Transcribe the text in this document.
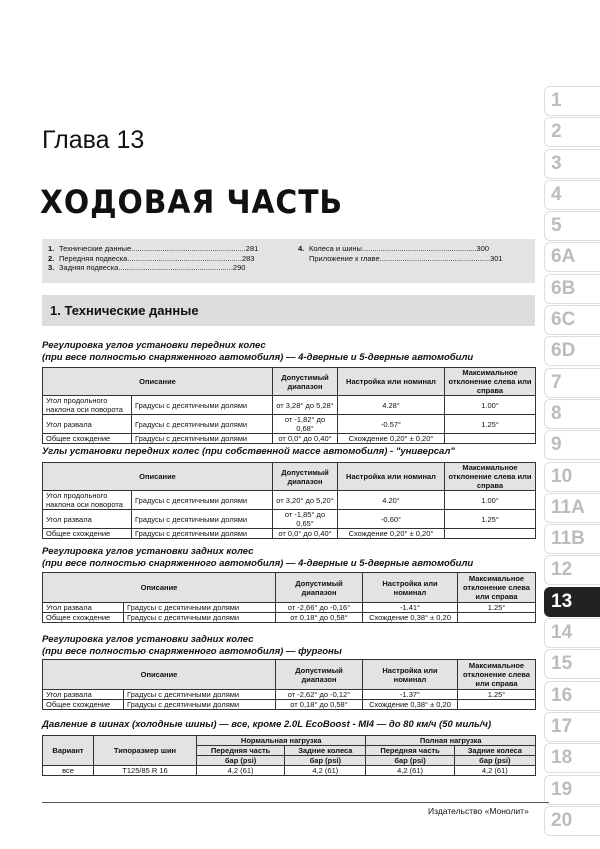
Глава 13
ХОДОВАЯ ЧАСТЬ
1. Технические данные.......................................................281
2. Передняя подвеска.......................................................283
3. Задняя подвеска.......................................................290
4. Колеса и шины.......................................................300
Приложение к главе.....................................................301
1. Технические данные
Регулировка углов установки передних колес
(при весе полностью снаряженного автомобиля) — 4-дверные и 5-дверные автомобили
Описание		Допустимый диапазон	Настройка или номинал	Максимальное отклонение слева или справа
Угол продольного наклона оси поворота	Градусы с десятичными долями	от 3,28° до 5,28°	4.28°	1.00°
Угол развала	Градусы с десятичными долями	от -1,82° до 0,68°	-0.57°	1.25°
Общее схождение	Градусы с десятичными долями	от 0,0° до 0,40°	Схождение 0,20° ± 0,20°	
Углы установки передних колес (при собственной массе автомобиля) - "универсал"
Описание		Допустимый диапазон	Настройка или номинал	Максимальное отклонение слева или справа
Угол продольного наклона оси поворота	Градусы с десятичными долями	от 3,20° до 5,20°	4.20°	1.00°
Угол развала	Градусы с десятичными долями	от -1,85° до 0,65°	-0.60°	1.25°
Общее схождение	Градусы с десятичными долями	от 0,0° до 0,40°	Схождение 0,20° ± 0,20°	
Регулировка углов установки задних колес
(при весе полностью снаряженного автомобиля) — 4-дверные и 5-дверные автомобили
Описание		Допустимый диапазон	Настройка или номинал	Максимальное отклонение слева или справа
Угол развала	Градусы с десятичными долями	от -2,66° до -0,16°	-1.41°	1.25°
Общее схождение	Градусы с десятичными долями	от 0,18° до 0,58°	Схождение 0,38° ± 0,20	
Регулировка углов установки задних колес
(при весе полностью снаряженного автомобиля) — фургоны
Описание		Допустимый диапазон	Настройка или номинал	Максимальное отклонение слева или справа
Угол развала	Градусы с десятичными долями	от -2,62° до -0,12°	-1.37°	1.25°
Общее схождение	Градусы с десятичными долями	от 0,18° до 0,58°	Схождение 0,38° ± 0,20	
Давление в шинах (холодные шины) — все, кроме 2.0L EcoBoost - MI4 — до 80 км/ч (50 миль/ч)
Вариант	Типоразмер шин	Нормальная нагрузка		Полная нагрузка	
		Передняя часть	Задние колеса	Передняя часть	Задние колеса
		бар (psi)	бар (psi)	бар (psi)	бар (psi)
все	T125/85 R 16	4,2 (61)	4,2 (61)	4,2 (61)	4,2 (61)
1
2
3
4
5
6A
6B
6C
6D
7
8
9
10
11A
11B
12
13
14
15
16
17
18
19
20
Издательство «Монолит»
